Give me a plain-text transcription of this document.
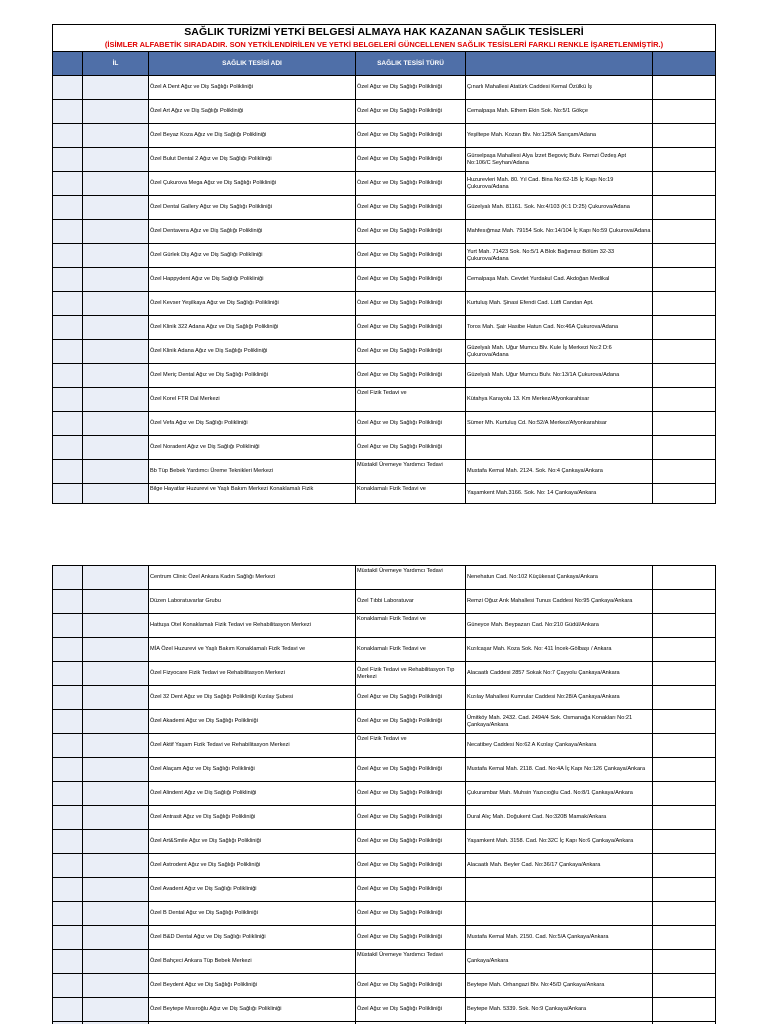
SAĞLIK TURİZMİ YETKİ BELGESİ ALMAYA HAK KAZANAN SAĞLIK TESİSLERİ					
(İSİMLER ALFABETİK SIRADADIR. SON YETKİLENDİRİLEN VE YETKİ BELGELERİ GÜNCELLENEN SAĞLIK TESİSLERİ FARKLI RENKLE İŞARETLENMİŞTİR.)					
	İL	SAĞLIK TESİSİ ADI	SAĞLIK TESİSİ TÜRÜ		
		Özel A Dent Ağız ve Diş Sağlığı Polikliniği	Özel Ağız ve Diş Sağlığı Polikliniği	Çınarlı Mahallesi Atatürk Caddesi Kemal Özülkü İş	
		Özel Art Ağız ve Diş Sağlığı Polikliniği	Özel Ağız ve Diş Sağlığı Polikliniği	Cemalpaşa Mah. Ethem Ekin Sok. No:5/1 Gökçe	
		Özel Beyaz Koza Ağız ve Diş Sağlığı Polikliniği	Özel Ağız ve Diş Sağlığı Polikliniği	Yeşiltepe Mah. Kozan Blv. No:125/A Sarıçam/Adana	
		Özel Bulut Dental 2 Ağız ve Diş Sağlığı Polikliniği	Özel Ağız ve Diş Sağlığı Polikliniği	Gürselpaşa Mahallesi Alya İzzet Begoviç Bulv. Remzi Özdeş Apt No:106/C Seyhan/Adana	
		Özel Çukurova Mega Ağız ve Diş Sağlığı Polikliniği	Özel Ağız ve Diş Sağlığı Polikliniği	Huzurevleri Mah. 80. Yıl Cad. Bina No:62-1B İç Kapı No:19 Çukurova/Adana	
		Özel Dental Gallery Ağız ve Diş Sağlığı Polikliniği	Özel Ağız ve Diş Sağlığı Polikliniği	Güzelyalı Mah. 81161. Sok. No:4/103 (K:1 D:25) Çukurova/Adana	
		Özel Dentavera Ağız ve Diş Sağlığı Polikliniği	Özel Ağız ve Diş Sağlığı Polikliniği	Mahfesığmaz Mah. 79154 Sok. No:14/104 İç Kapı No:59 Çukurova/Adana	
		Özel Gürlek Diş Ağız ve Diş Sağlığı Polikliniği	Özel Ağız ve Diş Sağlığı Polikliniği	Yurt Mah. 71423 Sok. No:5/1 A Blok Bağımsız Bölüm 32-33 Çukurova/Adana	
		Özel Happydent Ağız ve Diş Sağlığı Polikliniği	Özel Ağız ve Diş Sağlığı Polikliniği	Cemalpaşa Mah. Cevdet Yurdakul Cad. Akdoğan Medikal	
		Özel Kevser Yeşilkaya Ağız ve Diş Sağlığı Polikliniği	Özel Ağız ve Diş Sağlığı Polikliniği	Kurtuluş Mah. Şinasi Efendi Cad. Lütfi Candan Apt.	
		Özel Klinik 322 Adana Ağız ve Diş Sağlığı Polikliniği	Özel Ağız ve Diş Sağlığı Polikliniği	Toros Mah. Şair Hasibe Hatun Cad. No:46A Çukurova/Adana	
		Özel Klinik Adana Ağız ve Diş Sağlığı Polikliniği	Özel Ağız ve Diş Sağlığı Polikliniği	Güzelyalı Mah. Uğur Mumcu Blv. Kule İş Merkezi No:2 D:6 Çukurova/Adana	
		Özel Meriç Dental Ağız ve Diş Sağlığı Polikliniği	Özel Ağız ve Diş Sağlığı Polikliniği	Güzelyalı Mah. Uğur Mumcu Bulv. No:13/1A Çukurova/Adana	
		Özel Korel FTR Dal Merkezi	Özel Fizik Tedavi ve	Kütahya Karayolu 13. Km Merkez/Afyonkarahisar	
		Özel Vefa Ağız ve Diş Sağlığı Polikliniği	Özel Ağız ve Diş Sağlığı Polikliniği	Sümer Mh. Kurtuluş Cd. No:52/A Merkez/Afyonkarahisar	
		Özel Noradent Ağız ve Diş Sağlığı Polikliniği	Özel Ağız ve Diş Sağlığı Polikliniği		
		Bb Tüp Bebek Yardımcı Üreme Teknikleri Merkezi	Müstakil Üremeye Yardımcı Tedavi	Mustafa Kemal Mah. 2124. Sok. No:4 Çankaya/Ankara	
		Bilge Hayatlar Huzurevi ve Yaşlı Bakım Merkezi Konaklamalı Fizik	Konaklamalı Fizik Tedavi ve	Yaşamkent Mah.3166. Sok. No: 14 Çankaya/Ankara	
		Centrum Clinic Özel Ankara Kadın Sağlığı Merkezi	Müstakil Üremeye Yardımcı Tedavi	Nenehatun Cad. No:102 Küçükesat Çankaya/Ankara	
		Düzen Laboratuvarlar Grubu	Özel Tıbbi Laboratuvar	Remzi Oğuz Arık Mahallesi Tunus Caddesi No:95 Çankaya/Ankara	
		Hattuşa Otel Konaklamalı Fizik Tedavi ve Rehabilitasyon Merkezi	Konaklamalı Fizik Tedavi ve	Güneyce Mah. Beypazarı Cad. No:210 Güdül/Ankara	
		MİA Özel Huzurevi ve Yaşlı Bakım Konaklamalı Fizik Tedavi ve	Konaklamalı Fizik Tedavi ve	Kızılcaşar Mah. Koza Sok. No: 411 İncek-Gölbaşı / Ankara	
		Özel Fizyocare Fizik Tedavi ve Rehabilitasyon Merkezi	Özel Fizik Tedavi ve Rehabilitasyon Tıp Merkezi	Alacaatlı Caddesi 2857 Sokak No:7 Çayyolu Çankaya/Ankara	
		Özel 32 Dent Ağız ve Diş Sağlığı Polikliniği Kızılay Şubesi	Özel Ağız ve Diş Sağlığı Polikliniği	Kızılay Mahallesi Kumrular Caddesi No:28/A Çankaya/Ankara	
		Özel Akademi Ağız ve Diş Sağlığı Polikliniği	Özel Ağız ve Diş Sağlığı Polikliniği	Ümitköy Mah. 2432. Cad. 2494/4 Sok. Osmanağa Konakları No:21 Çankaya/Ankara	
		Özel Aktif Yaşam Fizik Tedavi ve Rehabilitasyon Merkezi	Özel Fizik Tedavi ve	Necatibey Caddesi No:62 A Kızılay Çankaya/Ankara	
		Özel Alaçam Ağız ve Diş Sağlığı Polikliniği	Özel Ağız ve Diş Sağlığı Polikliniği	Mustafa Kemal Mah. 2118. Cad. No:4A İç Kapı No:126 Çankaya/Ankara	
		Özel Alindent Ağız ve Diş Sağlığı Polikliniği	Özel Ağız ve Diş Sağlığı Polikliniği	Çukurambar Mah. Muhsin Yazıcıoğlu Cad. No:8/1 Çankaya/Ankara	
		Özel Antrasit Ağız ve Diş Sağlığı Polikliniği	Özel Ağız ve Diş Sağlığı Polikliniği	Dural Alıç Mah. Doğukent Cad. No:320B Mamak/Ankara	
		Özel Art&Smile Ağız ve Diş Sağlığı Polikliniği	Özel Ağız ve Diş Sağlığı Polikliniği	Yaşamkent Mah. 3158. Cad. No:32C İç Kapı No:6 Çankaya/Ankara	
		Özel Astrodent Ağız ve Diş Sağlığı Polikliniği	Özel Ağız ve Diş Sağlığı Polikliniği	Alacaatlı Mah. Beyler Cad. No:36/17 Çankaya/Ankara	
		Özel Avadent Ağız ve Diş Sağlığı Polikliniği	Özel Ağız ve Diş Sağlığı Polikliniği		
		Özel B Dental Ağız ve Diş Sağlığı Polikliniği	Özel Ağız ve Diş Sağlığı Polikliniği		
		Özel B&D Dental Ağız ve Diş Sağlığı Polikliniği	Özel Ağız ve Diş Sağlığı Polikliniği	Mustafa Kemal Mah. 2150. Cad. No:5/A Çankaya/Ankara	
		Özel Bahçeci Ankara Tüp Bebek Merkezi	Müstakil Üremeye Yardımcı Tedavi	Çankaya/Ankara	
		Özel Beydent Ağız ve Diş Sağlığı Polikliniği	Özel Ağız ve Diş Sağlığı Polikliniği	Beytepe Mah. Orhangazi Blv. No:45/D Çankaya/Ankara	
		Özel Beytepe Mısıroğlu Ağız ve Diş Sağlığı Polikliniği	Özel Ağız ve Diş Sağlığı Polikliniği	Beytepe Mah. 5339. Sok. No:9 Çankaya/Ankara	
